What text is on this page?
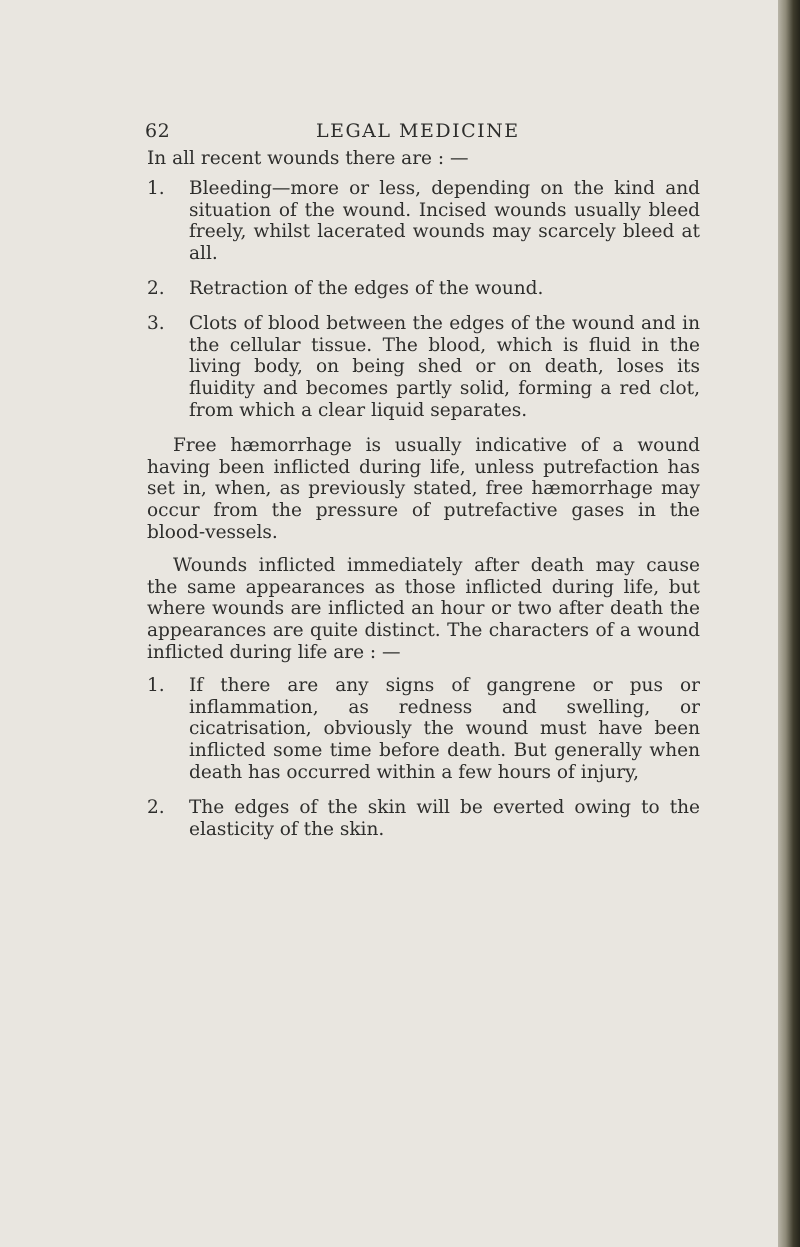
62	LEGAL MEDICINE

In all recent wounds there are : —

1. Bleeding—more or less, depending on the kind and situation of the wound. Incised wounds usually bleed freely, whilst lacerated wounds may scarcely bleed at all.
2. Retraction of the edges of the wound.
3. Clots of blood between the edges of the wound and in the cellular tissue. The blood, which is fluid in the living body, on being shed or on death, loses its fluidity and becomes partly solid, forming a red clot, from which a clear liquid separates.

Free hæmorrhage is usually indicative of a wound having been inflicted during life, unless putrefaction has set in, when, as previously stated, free hæmorrhage may occur from the pressure of putrefactive gases in the blood-vessels.

Wounds inflicted immediately after death may cause the same appearances as those inflicted during life, but where wounds are inflicted an hour or two after death the appearances are quite distinct. The characters of a wound inflicted during life are : —

1. If there are any signs of gangrene or pus or inflammation, as redness and swelling, or cicatrisation, obviously the wound must have been inflicted some time before death. But generally when death has occurred within a few hours of injury,
2. The edges of the skin will be everted owing to the elasticity of the skin.
